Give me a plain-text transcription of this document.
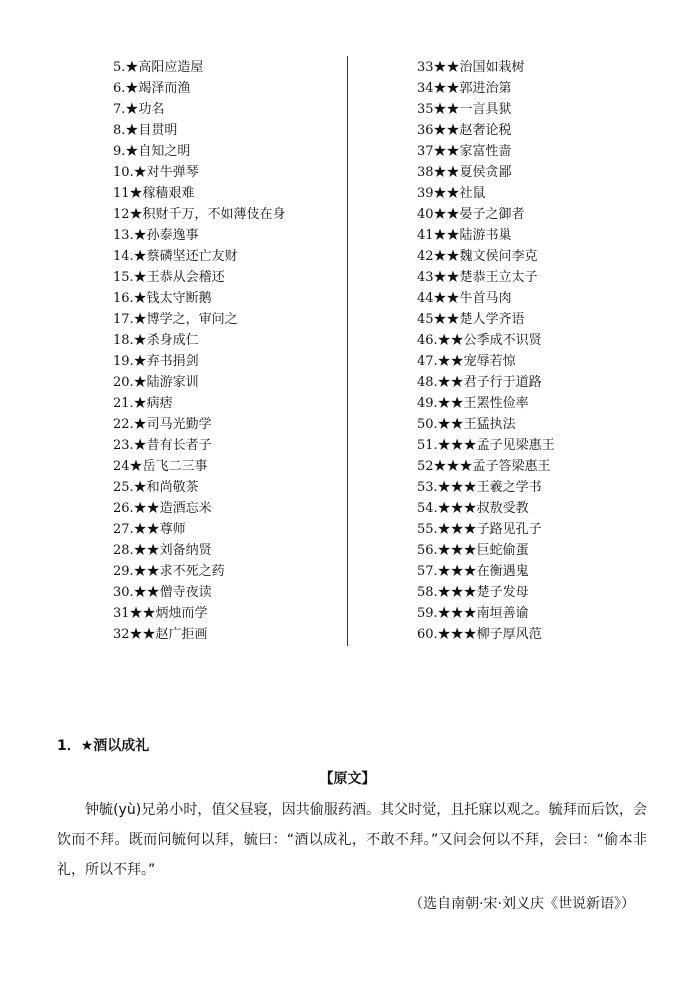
5.★高阳应造屋
6.★竭泽而渔
7.★功名
8.★目贯明
9.★自知之明
10.★对牛弹琴
11★稼穑艰难
12★积财千万，不如薄伎在身
13.★孙泰逸事
14.★蔡磷坚还亡友财
15.★王恭从会稽还
16.★钱太守断鹅
17.★博学之，审问之
18.★杀身成仁
19.★弃书捐剑
20.★陆游家训
21.★病痞
22.★司马光勤学
23.★昔有长者子
24★岳飞二三事
25.★和尚敬茶
26.★★造酒忘米
27.★★尊师
28.★★刘备纳贤
29.★★求不死之药
30.★★僧寺夜读
31★★炳烛而学
32★★赵广拒画
33★★治国如栽树
34★★郭进治第
35★★一言具狱
36★★赵奢论税
37★★家富性啬
38★★夏侯贪鄙
39★★社鼠
40★★晏子之御者
41★★陆游书巢
42★★魏文侯问李克
43★★楚恭王立太子
44★★牛首马肉
45★★楚人学齐语
46.★★公季成不识贤
47.★★宠辱若惊
48.★★君子行于道路
49.★★王罴性俭率
50.★★王猛执法
51.★★★孟子见梁惠王
52★★★孟子答梁惠王
53.★★★王羲之学书
54.★★★叔敖受教
55.★★★子路见孔子
56.★★★巨蛇偷蛋
57.★★★在衡遇鬼
58.★★★楚子发母
59.★★★南垣善谕
60.★★★柳子厚风范
1．★酒以成礼
【原文】

钟毓(yù)兄弟小时，值父昼寝，因共偷服药酒。其父时觉，且托寐以观之。毓拜而后饮，会饮而不拜。既而问毓何以拜，毓曰：“酒以成礼，不敢不拜。”又问会何以不拜，会曰：“偷本非礼，所以不拜。”

（选自南朝·宋·刘义庆《世说新语》）
